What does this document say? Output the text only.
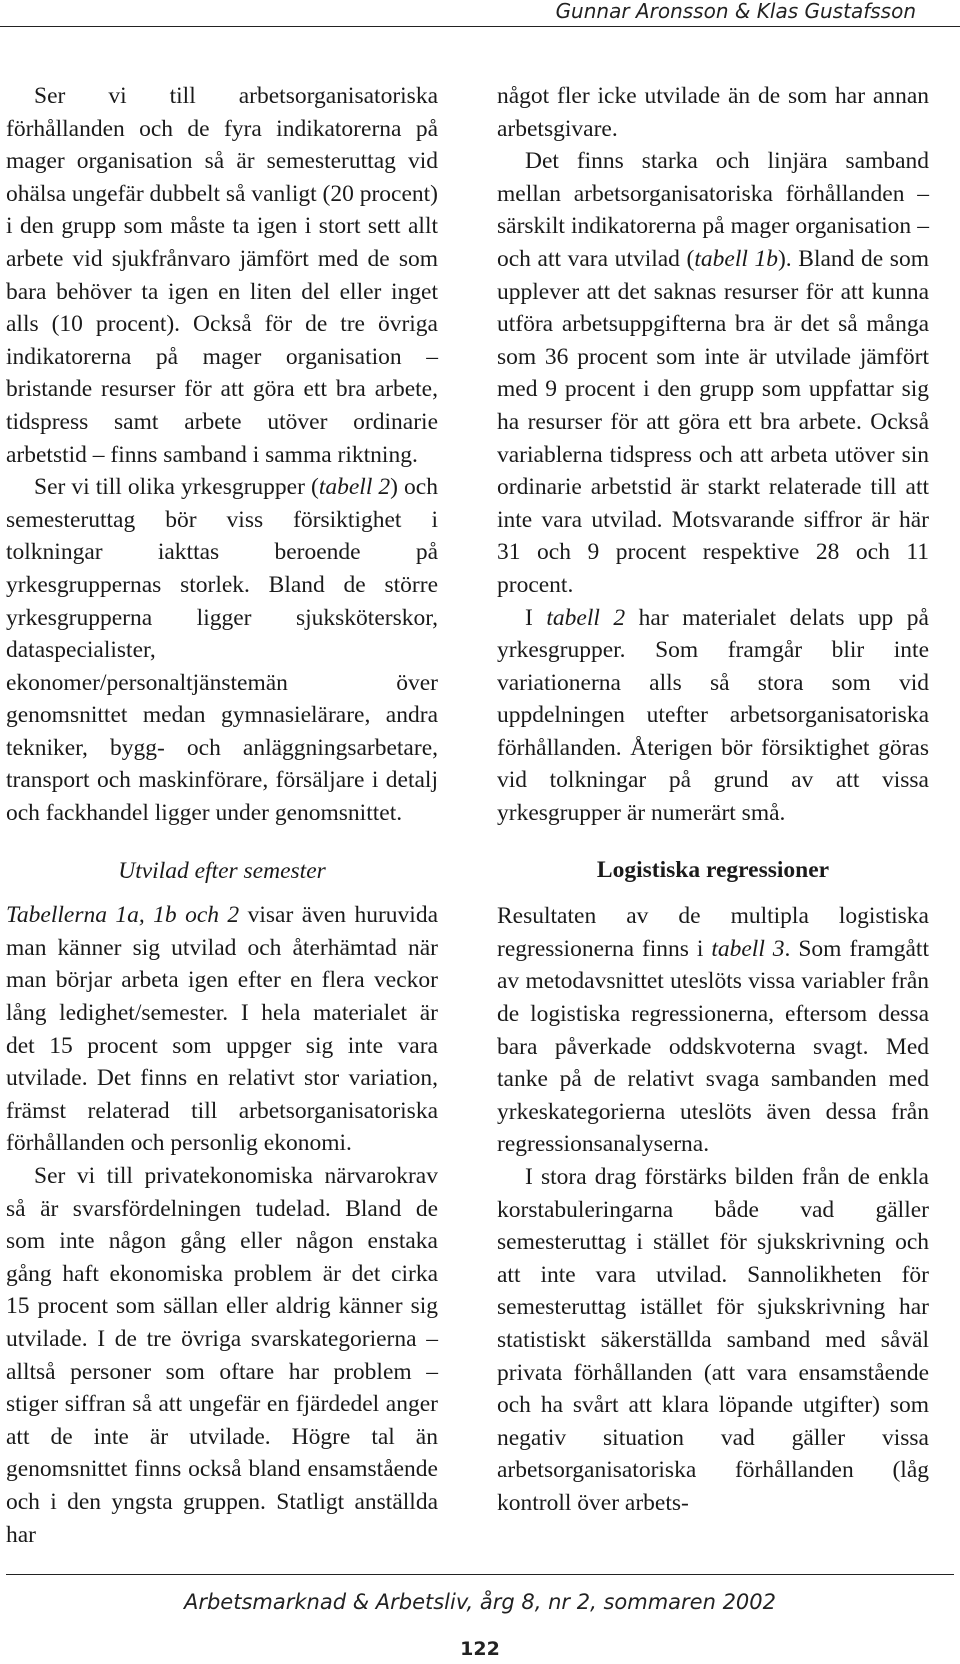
Gunnar Aronsson & Klas Gustafsson

Ser vi till arbetsorganisatoriska förhållanden och de fyra indikatorerna på mager organisation så är semesteruttag vid ohälsa ungefär dubbelt så vanligt (20 procent) i den grupp som måste ta igen i stort sett allt arbete vid sjukfrånvaro jämfört med de som bara behöver ta igen en liten del eller inget alls (10 procent). Också för de tre övriga indikatorerna på mager organisation – bristande resurser för att göra ett bra arbete, tidspress samt arbete utöver ordinarie arbetstid – finns samband i samma riktning.

Ser vi till olika yrkesgrupper (tabell 2) och semesteruttag bör viss försiktighet i tolkningar iakttas beroende på yrkesgruppernas storlek. Bland de större yrkesgrupperna ligger sjuksköterskor, dataspecialister, ekonomer/personaltjänstemän över genomsnittet medan gymnasielärare, andra tekniker, bygg- och anläggningsarbetare, transport och maskinförare, försäljare i detalj och fackhandel ligger under genomsnittet.

Utvilad efter semester

Tabellerna 1a, 1b och 2 visar även huruvida man känner sig utvilad och återhämtad när man börjar arbeta igen efter en flera veckor lång ledighet/semester. I hela materialet är det 15 procent som uppger sig inte vara utvilade. Det finns en relativt stor variation, främst relaterad till arbetsorganisatoriska förhållanden och personlig ekonomi.

Ser vi till privatekonomiska närvarokrav så är svarsfördelningen tudelad. Bland de som inte någon gång eller någon enstaka gång haft ekonomiska problem är det cirka 15 procent som sällan eller aldrig känner sig utvilade. I de tre övriga svarskategorierna – alltså personer som oftare har problem – stiger siffran så att ungefär en fjärdedel anger att de inte är utvilade. Högre tal än genomsnittet finns också bland ensamstående och i den yngsta gruppen. Statligt anställda har

något fler icke utvilade än de som har annan arbetsgivare.

Det finns starka och linjära samband mellan arbetsorganisatoriska förhållanden – särskilt indikatorerna på mager organisation – och att vara utvilad (tabell 1b). Bland de som upplever att det saknas resurser för att kunna utföra arbetsuppgifterna bra är det så många som 36 procent som inte är utvilade jämfört med 9 procent i den grupp som uppfattar sig ha resurser för att göra ett bra arbete. Också variablerna tidspress och att arbeta utöver sin ordinarie arbetstid är starkt relaterade till att inte vara utvilad. Motsvarande siffror är här 31 och 9 procent respektive 28 och 11 procent.

I tabell 2 har materialet delats upp på yrkesgrupper. Som framgår blir inte variationerna alls så stora som vid uppdelningen utefter arbetsorganisatoriska förhållanden. Återigen bör försiktighet göras vid tolkningar på grund av att vissa yrkesgrupper är numerärt små.

Logistiska regressioner

Resultaten av de multipla logistiska regressionerna finns i tabell 3. Som framgått av metodavsnittet uteslöts vissa variabler från de logistiska regressionerna, eftersom dessa bara påverkade oddskvoterna svagt. Med tanke på de relativt svaga sambanden med yrkeskategorierna uteslöts även dessa från regressionsanalyserna.

I stora drag förstärks bilden från de enkla korstabuleringarna både vad gäller semesteruttag i stället för sjukskrivning och att inte vara utvilad. Sannolikheten för semesteruttag istället för sjukskrivning har statistiskt säkerställda samband med såväl privata förhållanden (att vara ensamstående och ha svårt att klara löpande utgifter) som negativ situation vad gäller vissa arbetsorganisatoriska förhållanden (låg kontroll över arbets-

Arbetsmarknad & Arbetsliv, årg 8, nr 2, sommaren 2002
122
